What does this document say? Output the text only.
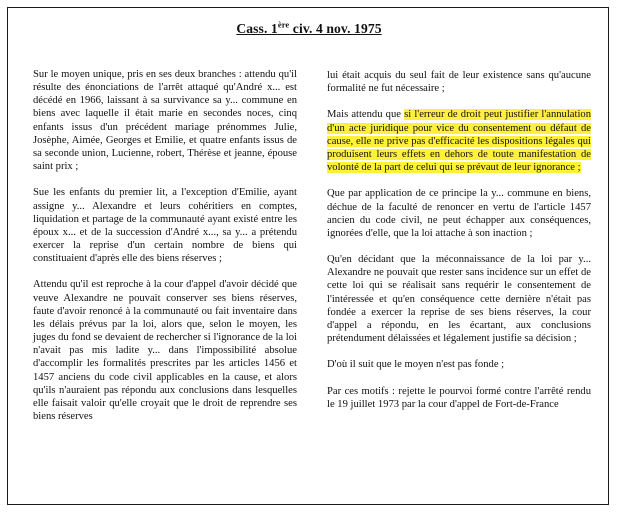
Cass. 1ère civ. 4 nov. 1975

Sur le moyen unique, pris en ses deux branches : attendu qu'il résulte des énonciations de l'arrêt attaqué qu'André x... est décédé en 1966, laissant à sa survivance sa y... commune en biens avec laquelle il était marie en secondes noces, cinq enfants issus d'un précédent mariage prénommes Julie, Josèphe, Aimée, Georges et Emilie, et quatre enfants issus de sa seconde union, Lucienne, robert, Thérèse et jeanne, épouse saint prix ;

Sue les enfants du premier lit, a l'exception d'Emilie, ayant assigne y... Alexandre et leurs cohéritiers en comptes, liquidation et partage de la communauté ayant existé entre les époux x... et de la succession d'André x..., sa y... a prétendu exercer la reprise d'un certain nombre de biens qui constituaient d'après elle des biens réserves ;

Attendu qu'il est reproche à la cour d'appel d'avoir décidé que veuve Alexandre ne pouvait conserver ses biens réserves, faute d'avoir renoncé à la communauté ou fait inventaire dans les délais prévus par la loi, alors que, selon le moyen, les juges du fond se devaient de rechercher si l'ignorance de la loi n'avait pas mis ladite y... dans l'impossibilité absolue d'accomplir les formalités prescrites par les articles 1456 et 1457 anciens du code civil applicables en la cause, et alors qu'ils n'auraient pas répondu aux conclusions dans lesquelles elle faisait valoir qu'elle croyait que le droit de reprendre ses biens réserves

lui était acquis du seul fait de leur existence sans qu'aucune formalité ne fut nécessaire ;

Mais attendu que si l'erreur de droit peut justifier l'annulation d'un acte juridique pour vice du consentement ou défaut de cause, elle ne prive pas d'efficacité les dispositions légales qui produisent leurs effets en dehors de toute manifestation de volonté de la part de celui qui se prévaut de leur ignorance ;

Que par application de ce principe la y... commune en biens, déchue de la faculté de renoncer en vertu de l'article 1457 ancien du code civil, ne peut échapper aux conséquences, ignorées d'elle, que la loi attache à son inaction ;

Qu'en décidant que la méconnaissance de la loi par y... Alexandre ne pouvait que rester sans incidence sur un effet de cette loi qui se réalisait sans requérir le consentement de l'intéressée et qu'en conséquence cette dernière n'était pas fondée a exercer la reprise de ses biens réserves, la cour d'appel a répondu, en les écartant, aux conclusions prétendument délaissées et légalement justifie sa décision ;

D'où il suit que le moyen n'est pas fonde ;

Par ces motifs : rejette le pourvoi formé contre l'arrêté rendu le 19 juillet 1973 par la cour d'appel de Fort-de-France
